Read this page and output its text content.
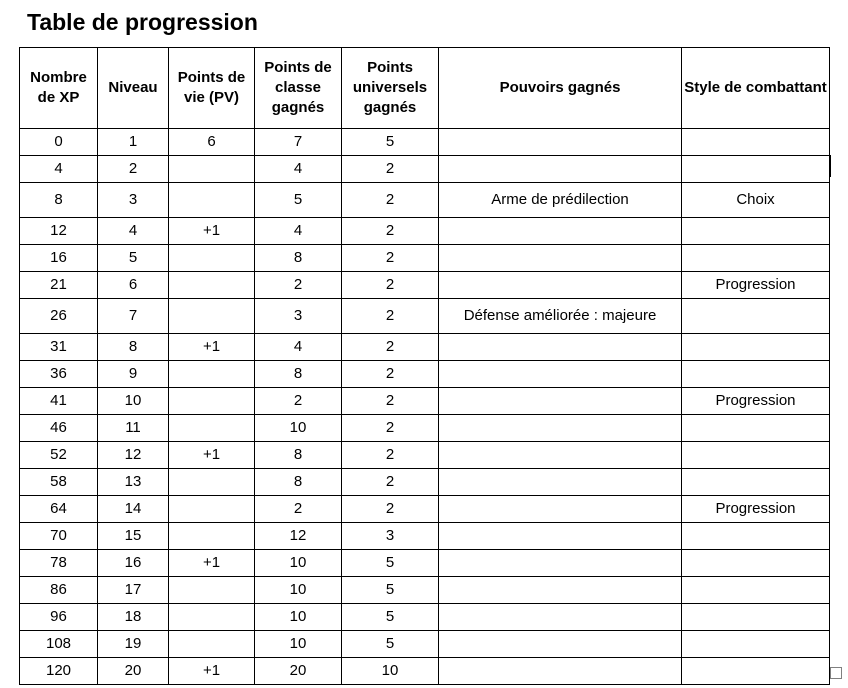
Table de progression
Nombre de XP	Niveau	Points de vie (PV)	Points de classe gagnés	Points universels gagnés	Pouvoirs gagnés	Style de combattant
0	1	6	7	5		
4	2		4	2		
8	3		5	2	Arme de prédilection	Choix
12	4	+1	4	2		
16	5		8	2		
21	6		2	2		Progression
26	7		3	2	Défense améliorée : majeure	
31	8	+1	4	2		
36	9		8	2		
41	10		2	2		Progression
46	11		10	2		
52	12	+1	8	2		
58	13		8	2		
64	14		2	2		Progression
70	15		12	3		
78	16	+1	10	5		
86	17		10	5		
96	18		10	5		
108	19		10	5		
120	20	+1	20	10		
